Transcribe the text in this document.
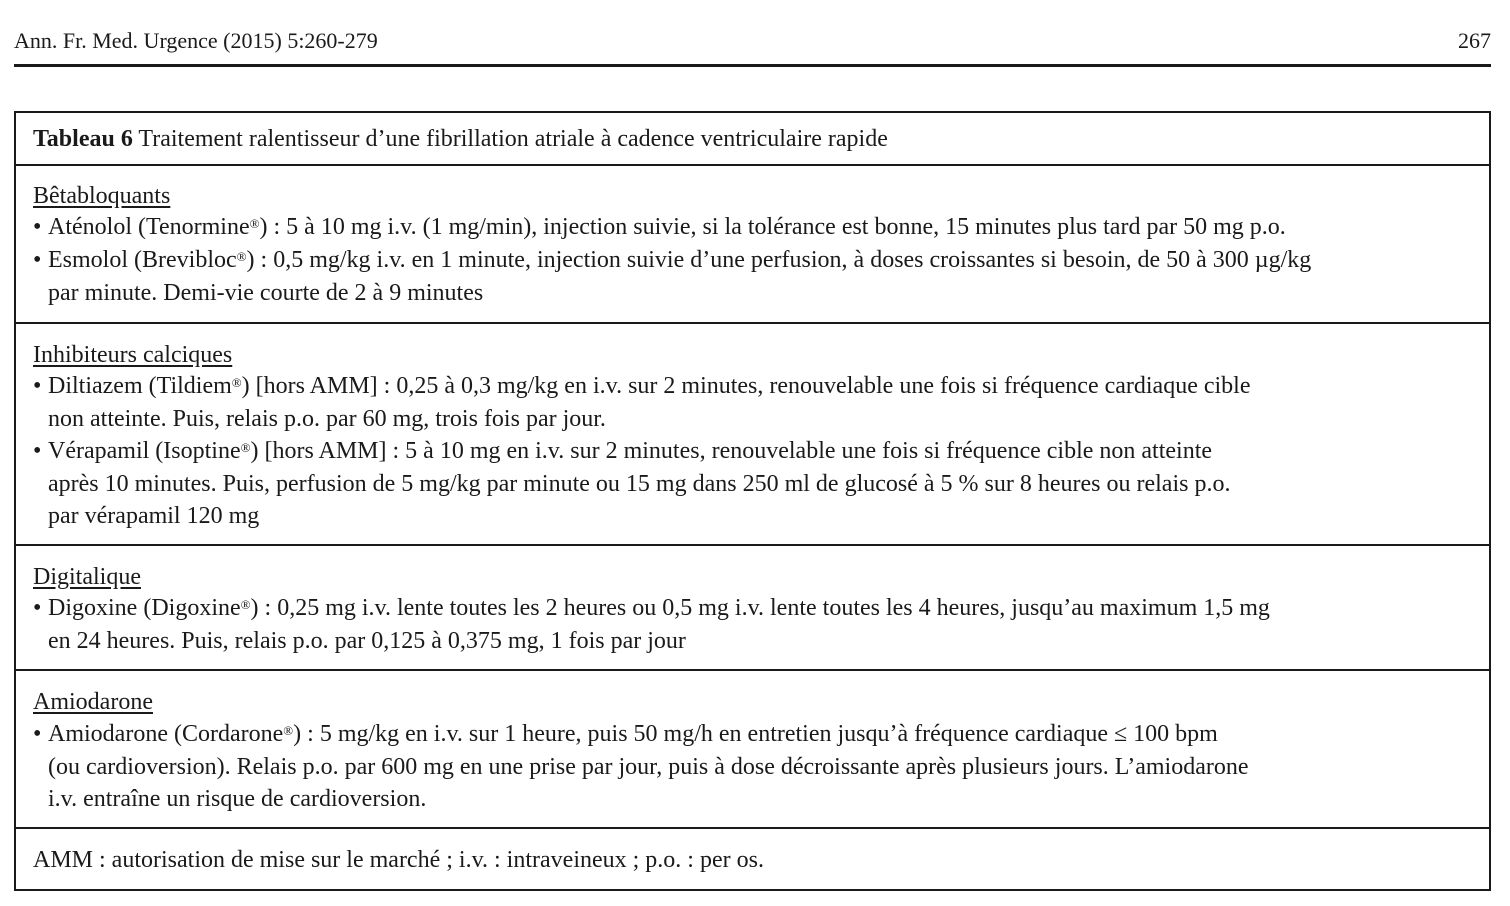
Ann. Fr. Med. Urgence (2015) 5:260-279	267
Tableau 6 Traitement ralentisseur d’une fibrillation atriale à cadence ventriculaire rapide
Bêtabloquants
• Aténolol (Tenormine®) : 5 à 10 mg i.v. (1 mg/min), injection suivie, si la tolérance est bonne, 15 minutes plus tard par 50 mg p.o.
• Esmolol (Brevibloc®) : 0,5 mg/kg i.v. en 1 minute, injection suivie d’une perfusion, à doses croissantes si besoin, de 50 à 300 µg/kg
par minute. Demi-vie courte de 2 à 9 minutes
Inhibiteurs calciques
• Diltiazem (Tildiem®) [hors AMM] : 0,25 à 0,3 mg/kg en i.v. sur 2 minutes, renouvelable une fois si fréquence cardiaque cible
non atteinte. Puis, relais p.o. par 60 mg, trois fois par jour.
• Vérapamil (Isoptine®) [hors AMM] : 5 à 10 mg en i.v. sur 2 minutes, renouvelable une fois si fréquence cible non atteinte
après 10 minutes. Puis, perfusion de 5 mg/kg par minute ou 15 mg dans 250 ml de glucosé à 5 % sur 8 heures ou relais p.o.
par vérapamil 120 mg
Digitalique
• Digoxine (Digoxine®) : 0,25 mg i.v. lente toutes les 2 heures ou 0,5 mg i.v. lente toutes les 4 heures, jusqu’au maximum 1,5 mg
en 24 heures. Puis, relais p.o. par 0,125 à 0,375 mg, 1 fois par jour
Amiodarone
• Amiodarone (Cordarone®) : 5 mg/kg en i.v. sur 1 heure, puis 50 mg/h en entretien jusqu’à fréquence cardiaque ≤ 100 bpm
(ou cardioversion). Relais p.o. par 600 mg en une prise par jour, puis à dose décroissante après plusieurs jours. L’amiodarone
i.v. entraîne un risque de cardioversion.
AMM : autorisation de mise sur le marché ; i.v. : intraveineux ; p.o. : per os.
